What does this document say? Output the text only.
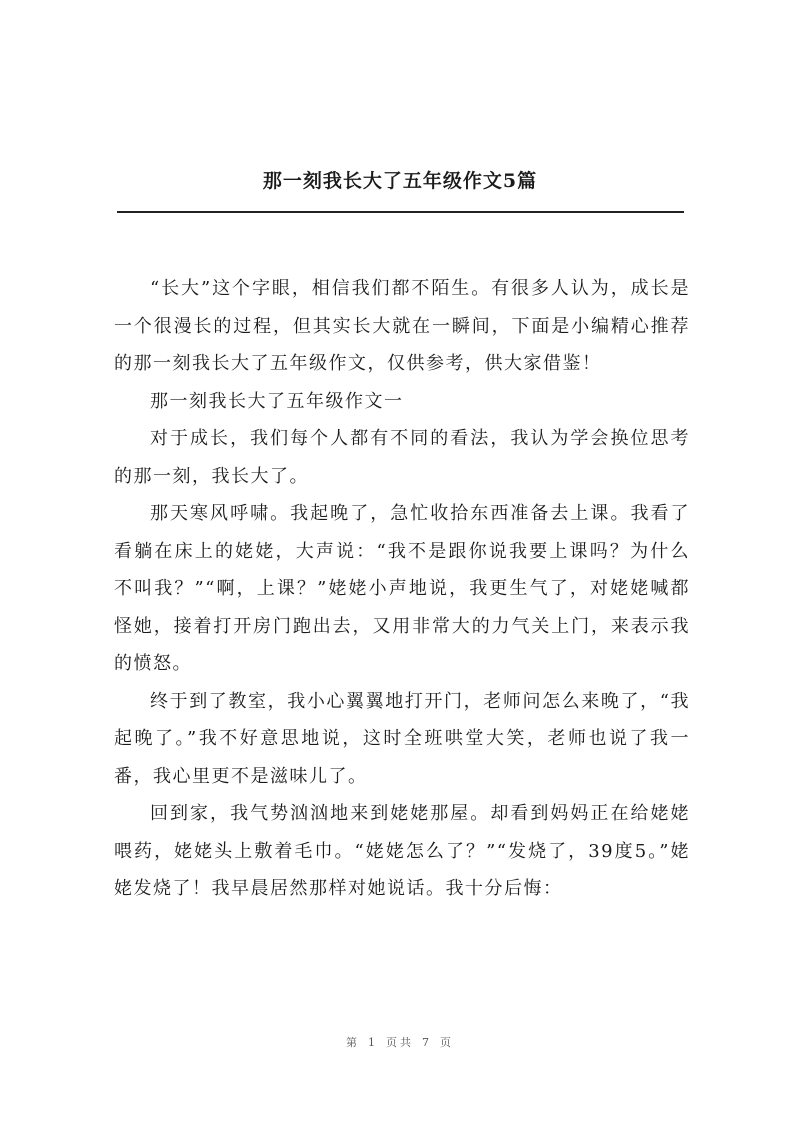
那一刻我长大了五年级作文5篇

“长大”这个字眼，相信我们都不陌生。有很多人认为，成长是一个很漫长的过程，但其实长大就在一瞬间，下面是小编精心推荐的那一刻我长大了五年级作文，仅供参考，供大家借鉴！

那一刻我长大了五年级作文一

对于成长，我们每个人都有不同的看法，我认为学会换位思考的那一刻，我长大了。

那天寒风呼啸。我起晚了，急忙收拾东西准备去上课。我看了看躺在床上的姥姥，大声说：“我不是跟你说我要上课吗？为什么不叫我？”“啊，上课？”姥姥小声地说，我更生气了，对姥姥喊都怪她，接着打开房门跑出去，又用非常大的力气关上门，来表示我的愤怒。

终于到了教室，我小心翼翼地打开门，老师问怎么来晚了，“我起晚了。”我不好意思地说，这时全班哄堂大笑，老师也说了我一番，我心里更不是滋味儿了。

回到家，我气势汹汹地来到姥姥那屋。却看到妈妈正在给姥姥喂药，姥姥头上敷着毛巾。“姥姥怎么了？”“发烧了，39度5。”姥姥发烧了！我早晨居然那样对她说话。我十分后悔：

第 1 页共 7 页
